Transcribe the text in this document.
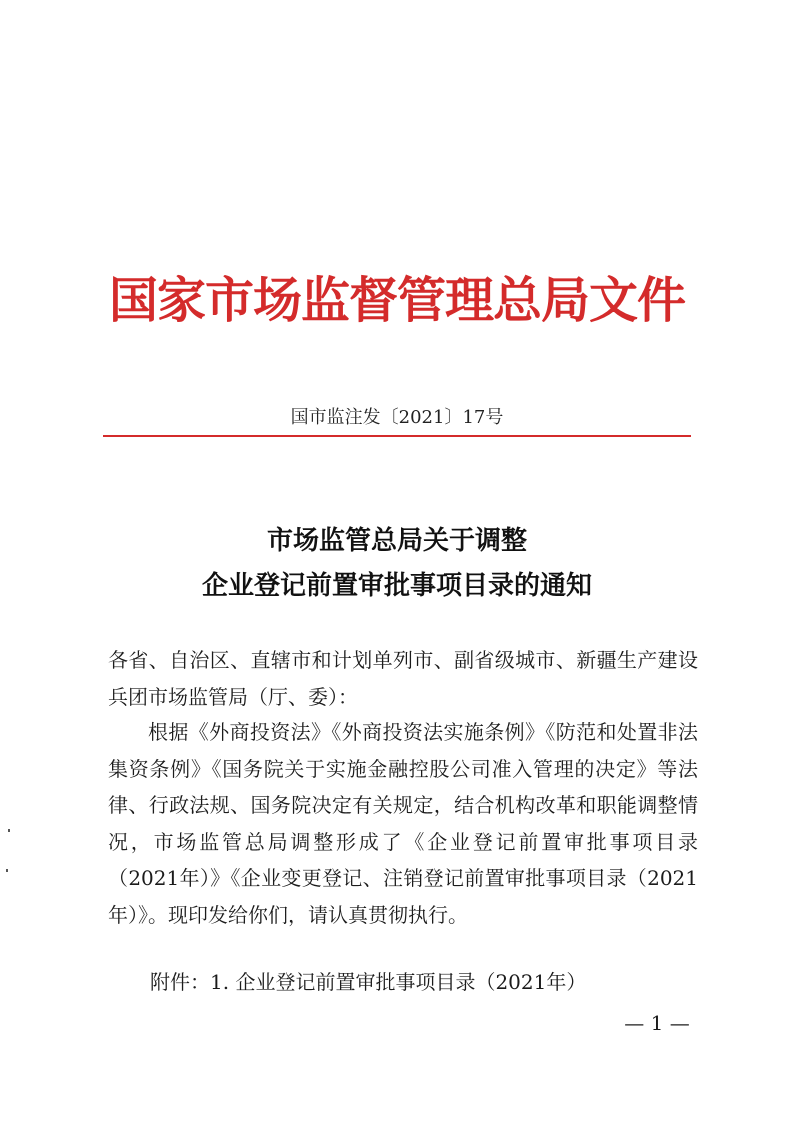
国家市场监督管理总局文件
国市监注发〔2021〕17号
市场监管总局关于调整
企业登记前置审批事项目录的通知

各省、自治区、直辖市和计划单列市、副省级城市、新疆生产建设兵团市场监管局（厅、委）：

根据《外商投资法》《外商投资法实施条例》《防范和处置非法集资条例》《国务院关于实施金融控股公司准入管理的决定》等法律、行政法规、国务院决定有关规定，结合机构改革和职能调整情况，市场监管总局调整形成了《企业登记前置审批事项目录（2021年）》《企业变更登记、注销登记前置审批事项目录（2021年）》。现印发给你们，请认真贯彻执行。

附件：1. 企业登记前置审批事项目录（2021年）
— 1 —
